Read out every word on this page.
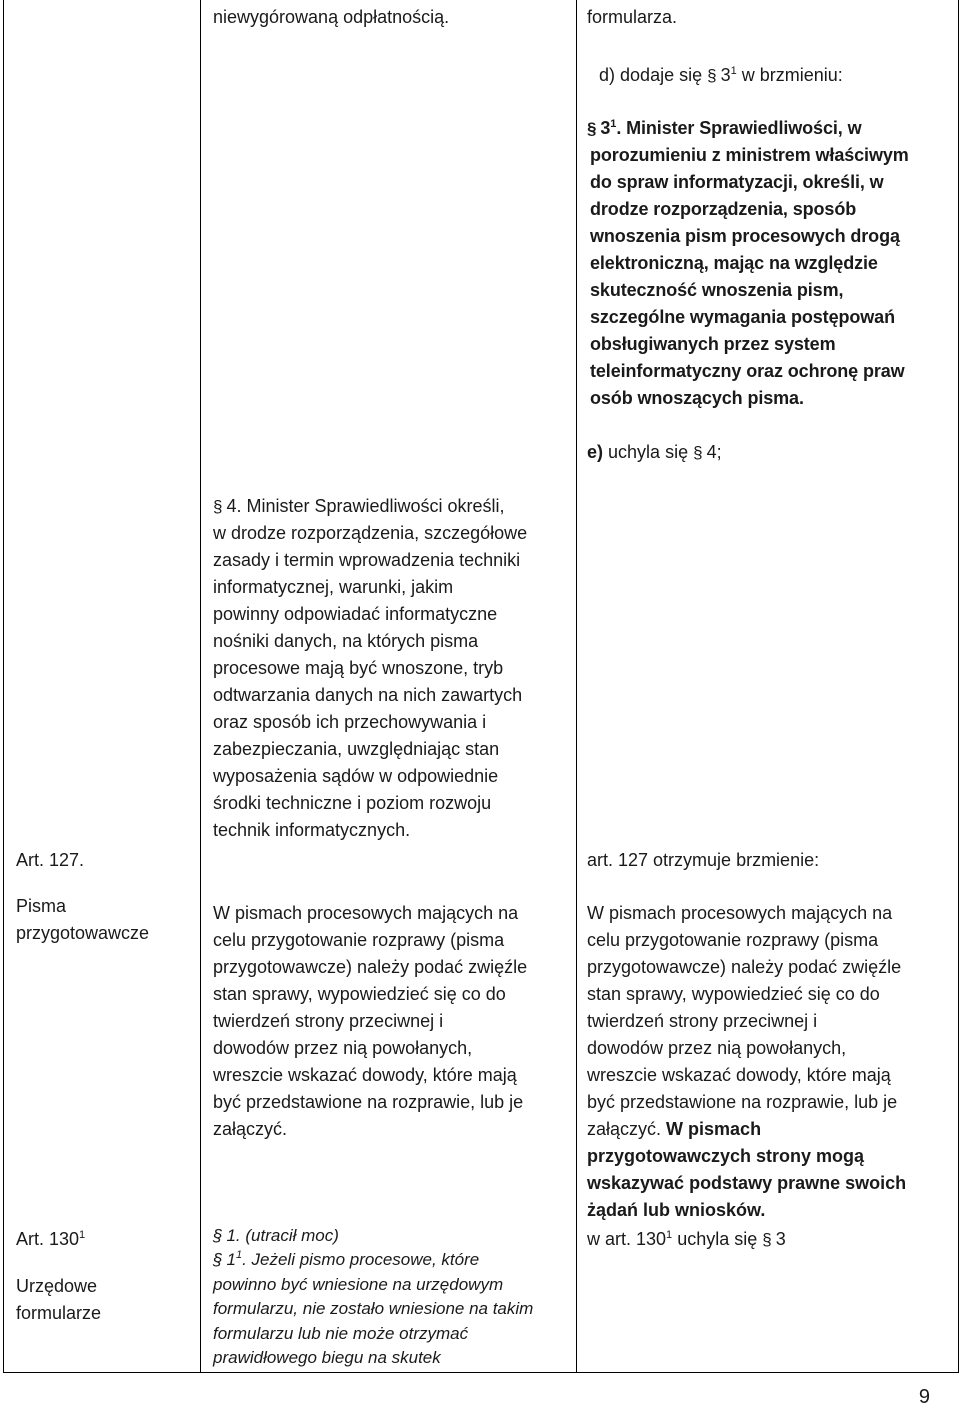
niewygórowaną odpłatnością.	formularza.

d) dodaje się § $3^1$ w brzmieniu:

§ $3^1$. Minister Sprawiedliwości, w

porozumieniu z ministrem właściwym

do spraw informatyzacji, określi, w

drodze rozporządzenia, sposób

wnoszenia pism procesowych drogą

elektroniczną, mając na względzie

skuteczność wnoszenia pism,

szczególne wymagania postępowań

obsługiwanych przez system

teleinformatyczny oraz ochronę praw

osób wnoszących pisma.

e) uchyla się § 4;

§ 4. Minister Sprawiedliwości określi,

w drodze rozporządzenia, szczegółowe

zasady i termin wprowadzenia techniki

informatycznej, warunki, jakim

powinny odpowiadać informatyczne

nośniki danych, na których pisma

procesowe mają być wnoszone, tryb

odtwarzania danych na nich zawartych

oraz sposób ich przechowywania i

zabezpieczania, uwzględniając stan

wyposażenia sądów w odpowiednie

środki techniczne i poziom rozwoju

technik informatycznych.

Art. 127.

Pisma

przygotowawcze

art. 127 otrzymuje brzmienie:

W pismach procesowych mających na

celu przygotowanie rozprawy (pisma

przygotowawcze) należy podać zwięźle

stan sprawy, wypowiedzieć się co do

twierdzeń strony przeciwnej i

dowodów przez nią powołanych,

wreszcie wskazać dowody, które mają

być przedstawione na rozprawie, lub je

załączyć.

W pismach procesowych mających na

celu przygotowanie rozprawy (pisma

przygotowawcze) należy podać zwięźle

stan sprawy, wypowiedzieć się co do

twierdzeń strony przeciwnej i

dowodów przez nią powołanych,

wreszcie wskazać dowody, które mają

być przedstawione na rozprawie, lub je

załączyć. W pismach

przygotowawczych strony mogą

wskazywać podstawy prawne swoich

żądań lub wniosków.

Art. $130^1$

Urzędowe

formularze

w art. $130^1$ uchyla się § 3

§ 1. (utracił moc)

§ $1^1$. Jeżeli pismo procesowe, które

powinno być wniesione na urzędowym

formularzu, nie zostało wniesione na takim

formularzu lub nie może otrzymać

prawidłowego biegu na skutek

9
